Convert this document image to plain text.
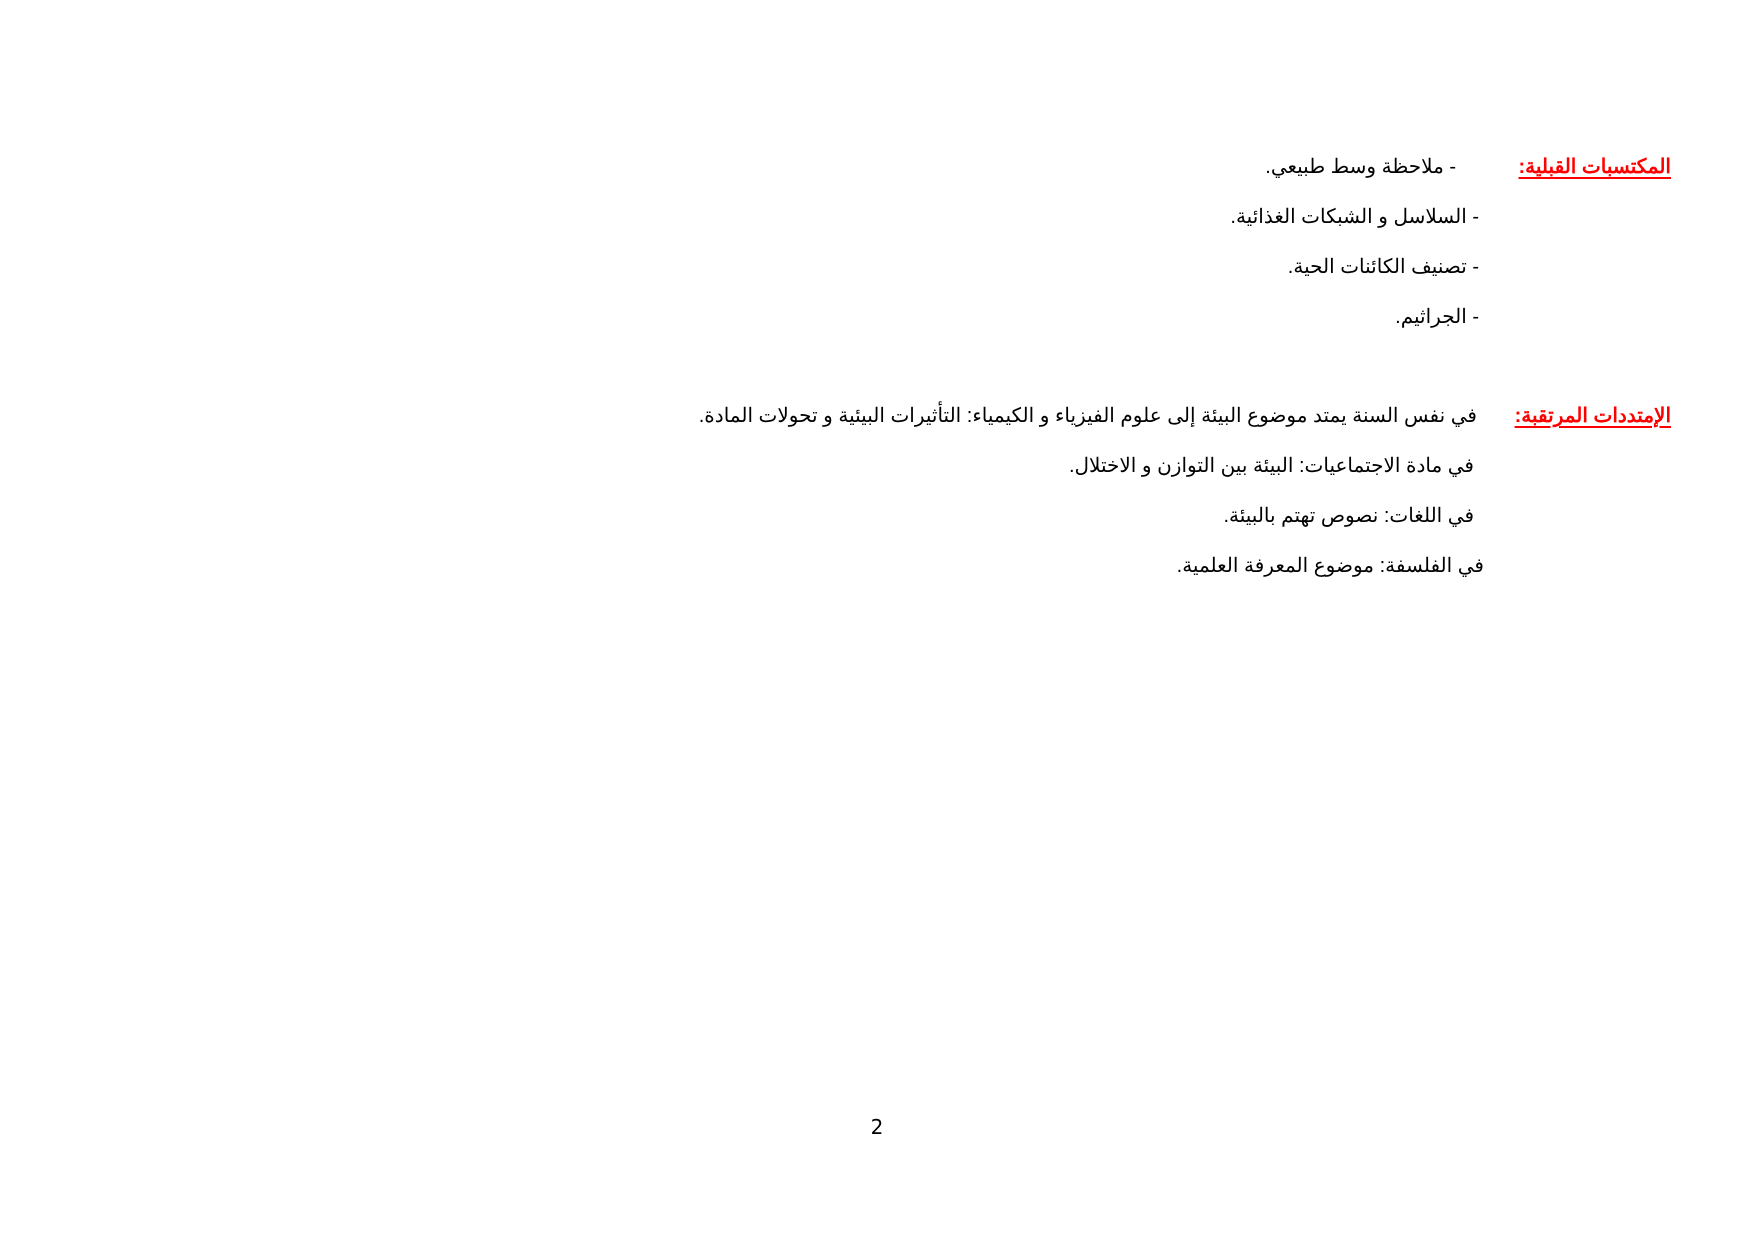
المكتسبات القبلية:
- ملاحظة وسط طبيعي.
- السلاسل و الشبكات الغذائية.
- تصنيف الكائنات الحية.
- الجراثيم.
الإمتددات المرتقبة:
في نفس السنة يمتد موضوع البيئة إلى علوم الفيزياء و الكيمياء: التأثيرات البيئية و تحولات المادة.
في مادة الاجتماعيات: البيئة بين التوازن و الاختلال.
في اللغات: نصوص تهتم بالبيئة.
في الفلسفة: موضوع المعرفة العلمية.
2
